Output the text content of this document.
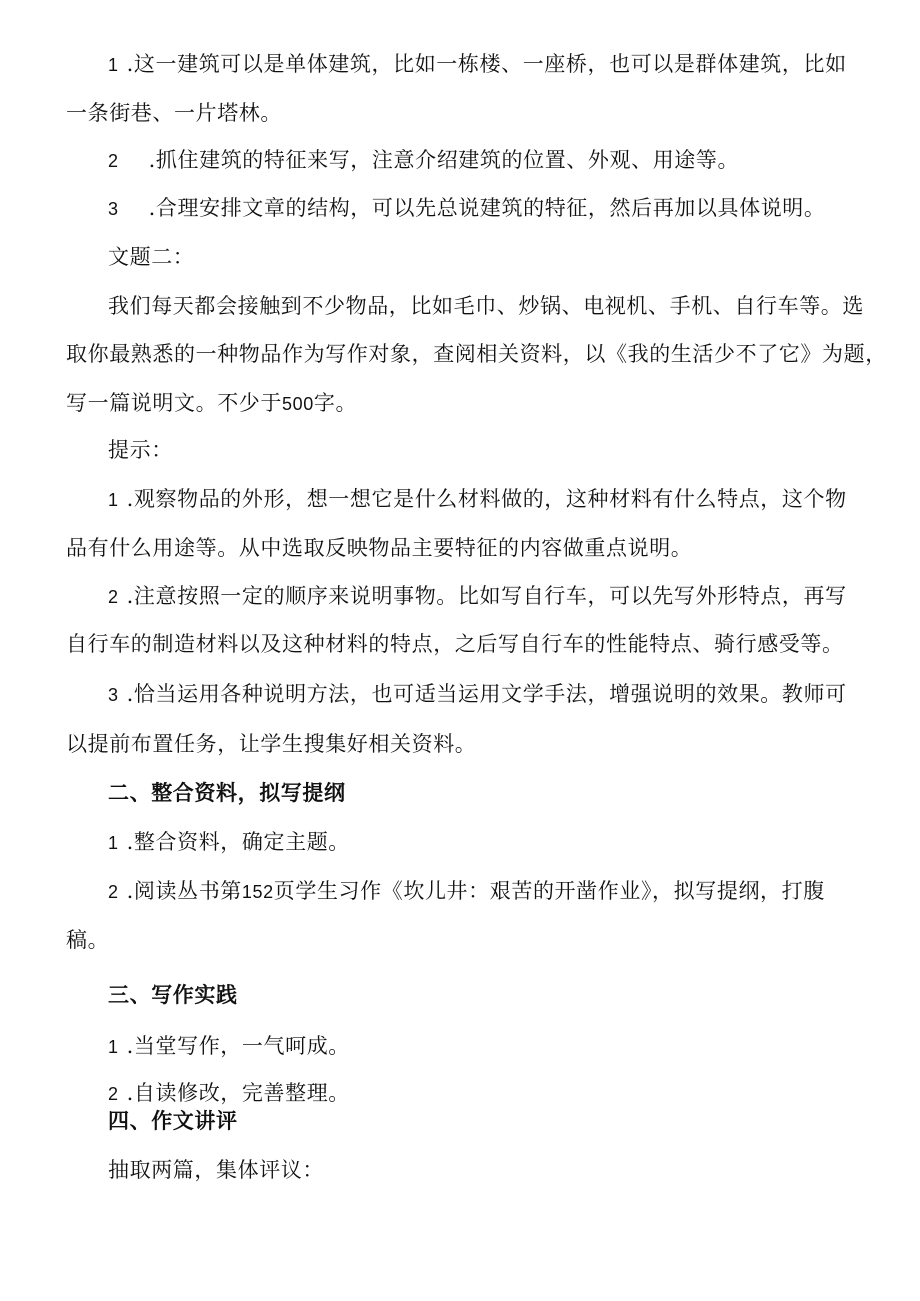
1 .这一建筑可以是单体建筑，比如一栋楼、一座桥，也可以是群体建筑，比如
一条街巷、一片塔林。
2 .抓住建筑的特征来写，注意介绍建筑的位置、外观、用途等。
3 .合理安排文章的结构，可以先总说建筑的特征，然后再加以具体说明。
文题二：
我们每天都会接触到不少物品，比如毛巾、炒锅、电视机、手机、自行车等。选
取你最熟悉的一种物品作为写作对象，查阅相关资料，以《我的生活少不了它》为题，
写一篇说明文。不少于500字。
提示：
1 .观察物品的外形，想一想它是什么材料做的，这种材料有什么特点，这个物
品有什么用途等。从中选取反映物品主要特征的内容做重点说明。
2 .注意按照一定的顺序来说明事物。比如写自行车，可以先写外形特点，再写
自行车的制造材料以及这种材料的特点，之后写自行车的性能特点、骑行感受等。
3 .恰当运用各种说明方法，也可适当运用文学手法，增强说明的效果。教师可
以提前布置任务，让学生搜集好相关资料。
二、整合资料，拟写提纲
1 .整合资料，确定主题。
2 .阅读丛书第152页学生习作《坎儿井：艰苦的开凿作业》，拟写提纲，打腹
稿。
三、写作实践
1 .当堂写作，一气呵成。
2 .自读修改，完善整理。
四、作文讲评
抽取两篇，集体评议：
